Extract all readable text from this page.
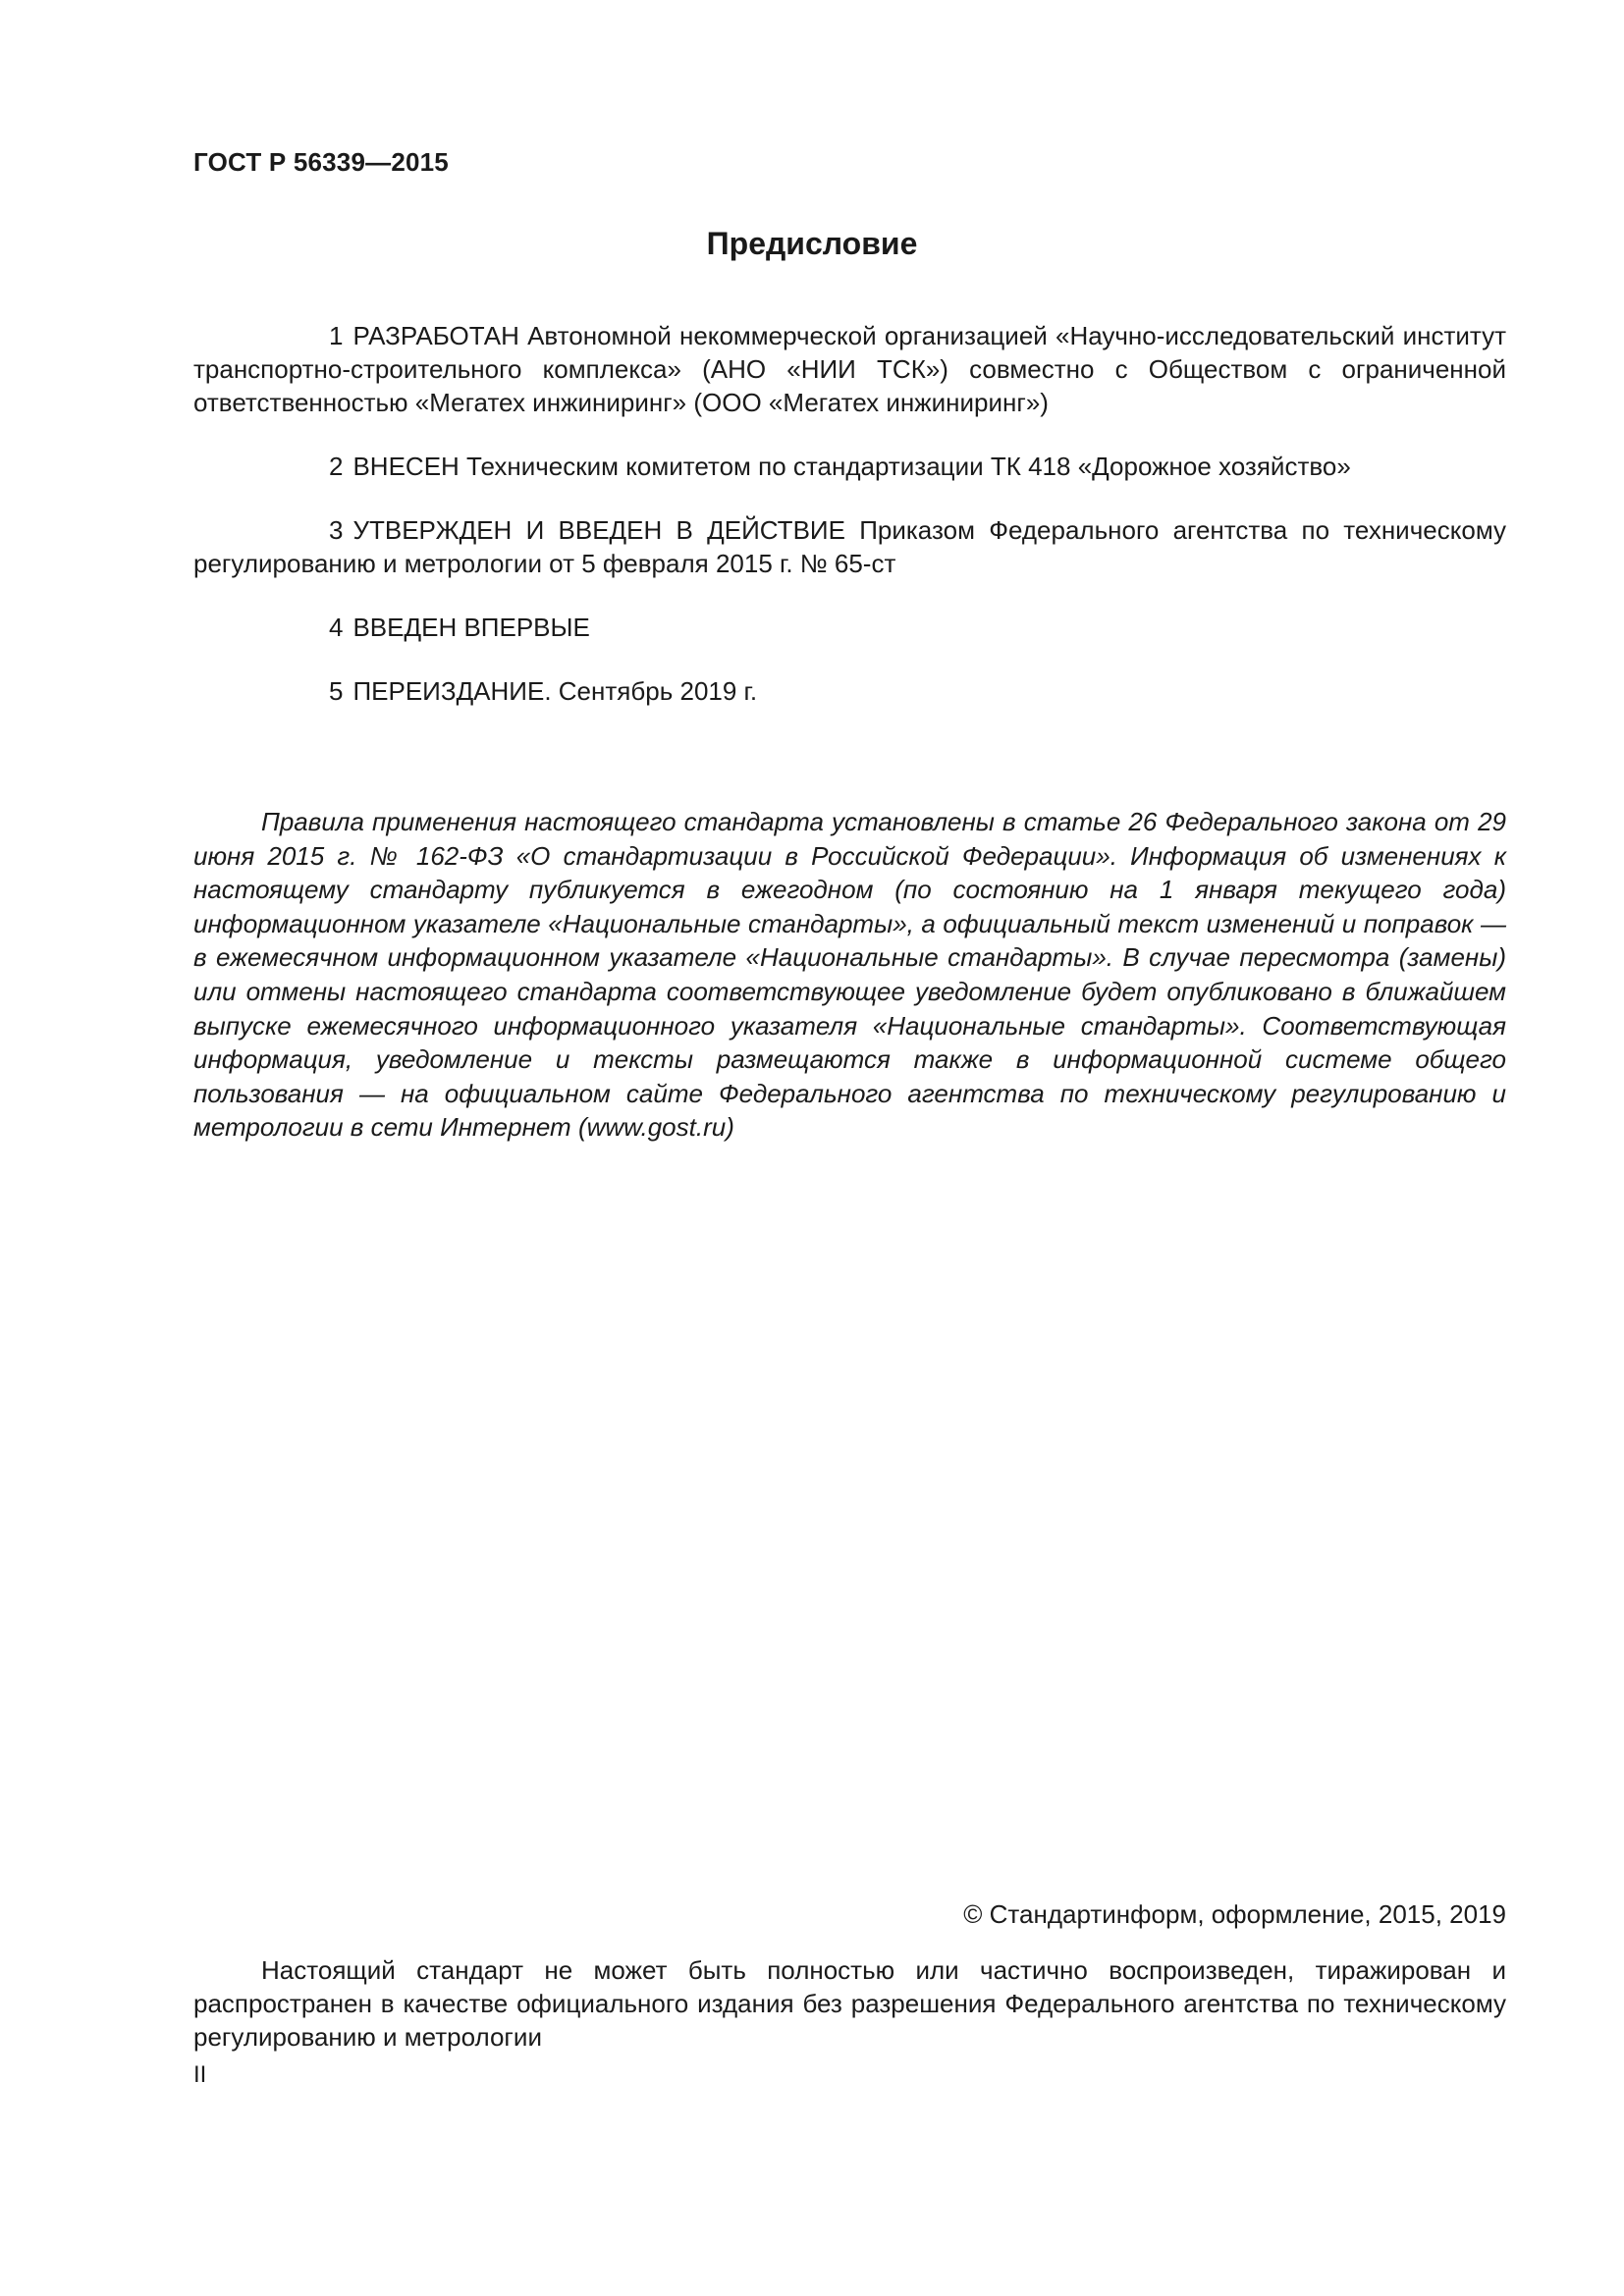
ГОСТ Р 56339—2015
Предисловие

1 РАЗРАБОТАН Автономной некоммерческой организацией «Научно-исследовательский институт транспортно-строительного комплекса» (АНО «НИИ ТСК») совместно с Обществом с ограниченной ответственностью «Мегатех инжиниринг» (ООО «Мегатех инжиниринг»)

2 ВНЕСЕН Техническим комитетом по стандартизации ТК 418 «Дорожное хозяйство»

3 УТВЕРЖДЕН И ВВЕДЕН В ДЕЙСТВИЕ Приказом Федерального агентства по техническому регулированию и метрологии от 5 февраля 2015 г. № 65-ст

4 ВВЕДЕН ВПЕРВЫЕ

5 ПЕРЕИЗДАНИЕ. Сентябрь 2019 г.

Правила применения настоящего стандарта установлены в статье 26 Федерального закона от 29 июня 2015 г. № 162-ФЗ «О стандартизации в Российской Федерации». Информация об изменениях к настоящему стандарту публикуется в ежегодном (по состоянию на 1 января текущего года) информационном указателе «Национальные стандарты», а официальный текст изменений и поправок — в ежемесячном информационном указателе «Национальные стандарты». В случае пересмотра (замены) или отмены настоящего стандарта соответствующее уведомление будет опубликовано в ближайшем выпуске ежемесячного информационного указателя «Национальные стандарты». Соответствующая информация, уведомление и тексты размещаются также в информационной системе общего пользования — на официальном сайте Федерального агентства по техническому регулированию и метрологии в сети Интернет (www.gost.ru)

© Стандартинформ, оформление, 2015, 2019

Настоящий стандарт не может быть полностью или частично воспроизведен, тиражирован и распространен в качестве официального издания без разрешения Федерального агентства по техническому регулированию и метрологии

II
